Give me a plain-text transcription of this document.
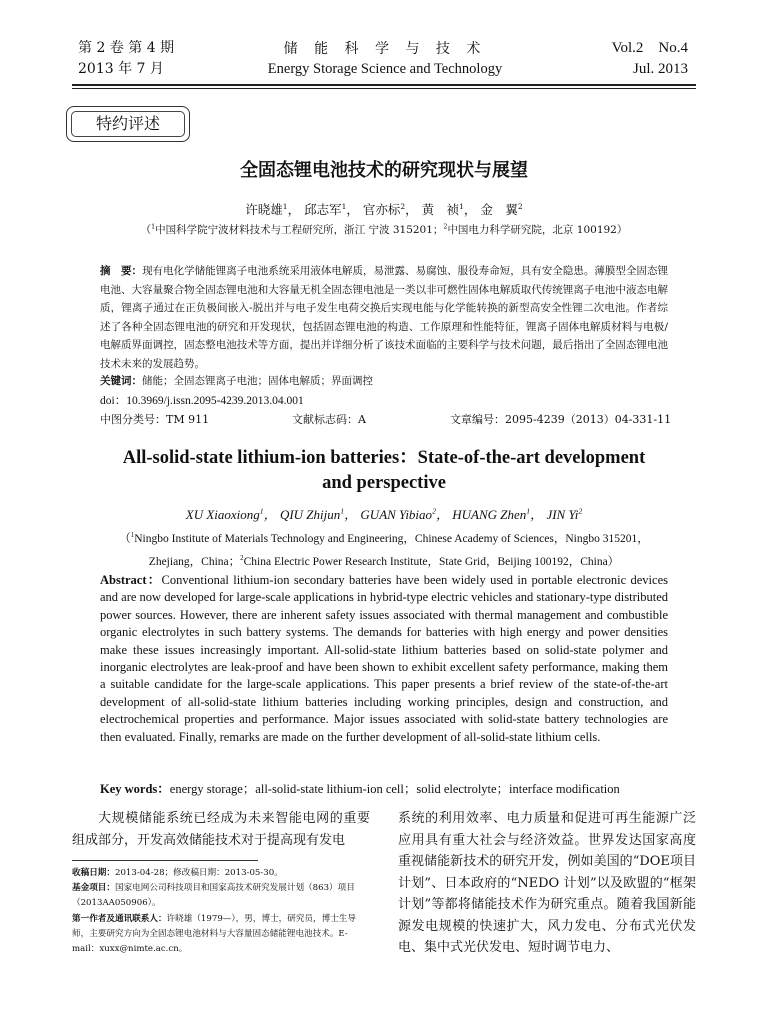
第 2 卷 第 4 期
2013 年 7 月
储 能 科 学 与 技 术
Energy Storage Science and Technology
Vol.2    No.4
Jul. 2013
特约评述
全固态锂电池技术的研究现状与展望
许晓雄$^1$， 邱志军$^1$， 官亦标$^2$， 黄　祯$^1$， 金　翼$^2$
（$^1$中国科学院宁波材料技术与工程研究所，浙江 宁波 315201；$^2$中国电力科学研究院，北京 100192）
摘　要：现有电化学储能锂离子电池系统采用液体电解质，易泄露、易腐蚀、服役寿命短，具有安全隐患。薄膜型全固态锂电池、大容量聚合物全固态锂电池和大容量无机全固态锂电池是一类以非可燃性固体电解质取代传统锂离子电池中液态电解质，锂离子通过在正负极间嵌入-脱出并与电子发生电荷交换后实现电能与化学能转换的新型高安全性锂二次电池。作者综述了各种全固态锂电池的研究和开发现状，包括固态锂电池的构造、工作原理和性能特征，锂离子固体电解质材料与电极/电解质界面调控，固态整电池技术等方面，提出并详细分析了该技术面临的主要科学与技术问题，最后指出了全固态锂电池技术未来的发展趋势。
关键词：储能；全固态锂离子电池；固体电解质；界面调控
doi：10.3969/j.issn.2095-4239.2013.04.001
中图分类号：TM 911	文献标志码：A	文章编号：2095-4239（2013）04-331-11
All-solid-state lithium-ion batteries：State-of-the-art development and perspective
XU Xiaoxiong$^1$， QIU Zhijun$^1$， GUAN Yibiao$^2$， HUANG Zhen$^1$， JIN Yi$^2$
（$^1$Ningbo Institute of Materials Technology and Engineering，Chinese Academy of Sciences，Ningbo 315201，
Zhejiang，China；$^2$China Electric Power Research Institute，State Grid，Beijing 100192，China）
Abstract：Conventional lithium-ion secondary batteries have been widely used in portable electronic devices and are now developed for large-scale applications in hybrid-type electric vehicles and stationary-type distributed power sources. However, there are inherent safety issues associated with thermal management and combustible organic electrolytes in such battery systems. The demands for batteries with high energy and power densities make these issues increasingly important. All-solid-state lithium batteries based on solid-state polymer and inorganic electrolytes are leak-proof and have been shown to exhibit excellent safety performance, making them a suitable candidate for the large-scale applications. This paper presents a brief review of the state-of-the-art development of all-solid-state lithium batteries including working principles, design and construction, and electrochemical properties and performance. Major issues associated with solid-state battery technologies are then evaluated. Finally, remarks are made on the further development of all-solid-state lithium cells.
Key words：energy storage；all-solid-state lithium-ion cell；solid electrolyte；interface modification

大规模储能系统已经成为未来智能电网的重要组成部分，开发高效储能技术对于提高现有发电

系统的利用效率、电力质量和促进可再生能源广泛应用具有重大社会与经济效益。世界发达国家高度重视储能新技术的研究开发，例如美国的“DOE项目计划”、日本政府的“NEDO 计划”以及欧盟的“框架计划”等都将储能技术作为研究重点。随着我国新能源发电规模的快速扩大，风力发电、分布式光伏发电、集中式光伏发电、短时调节电力、

收稿日期：2013-04-28；修改稿日期：2013-05-30。

基金项目：国家电网公司科技项目和国家高技术研究发展计划（863）项目（2013AA050906）。

第一作者及通讯联系人：许晓雄（1979—），男，博士，研究员，博士生导师，主要研究方向为全固态锂电池材料与大容量固态储能锂电池技术。E-mail：xuxx@nimte.ac.cn。
